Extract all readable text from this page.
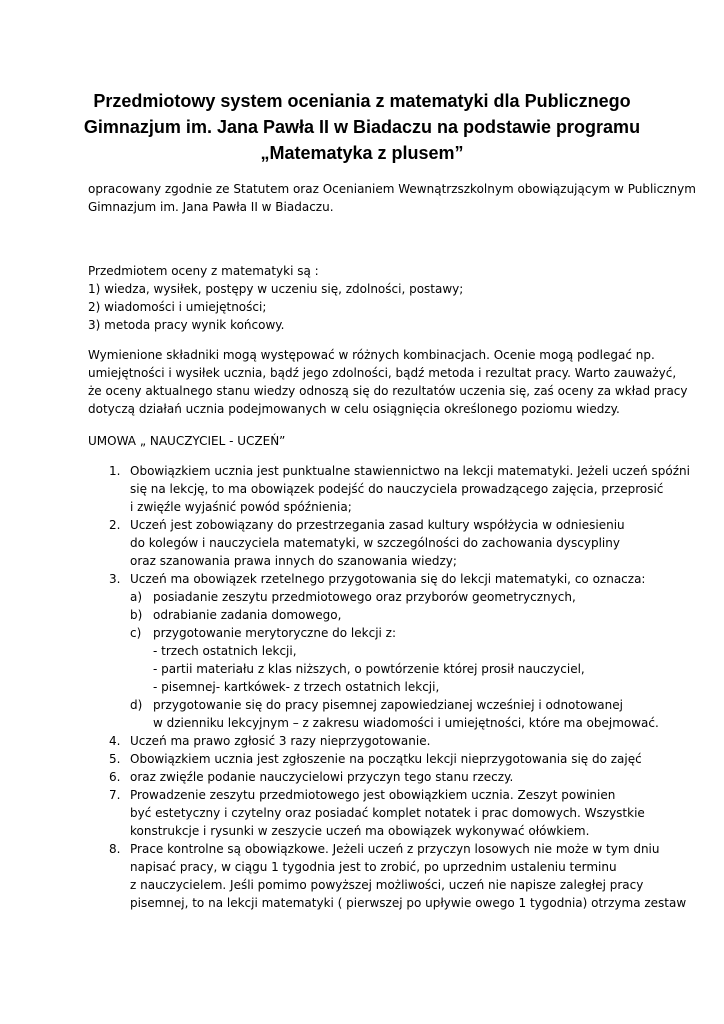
Przedmiotowy system oceniania z matematyki dla Publicznego
Gimnazjum im. Jana Pawła II w Biadaczu na podstawie programu
„Matematyka z plusem”
opracowany zgodnie ze Statutem oraz Ocenianiem Wewnątrzszkolnym obowiązującym w Publicznym
Gimnazjum im. Jana Pawła II w Biadaczu.
Przedmiotem oceny z matematyki są :
1) wiedza, wysiłek, postępy w uczeniu się, zdolności, postawy;
2) wiadomości i umiejętności;
3) metoda pracy wynik końcowy.
Wymienione składniki mogą występować w różnych kombinacjach. Ocenie mogą podlegać np.
umiejętności i wysiłek ucznia, bądź jego zdolności, bądź metoda i rezultat pracy. Warto zauważyć,
że oceny aktualnego stanu wiedzy odnoszą się do rezultatów uczenia się, zaś oceny za wkład pracy
dotyczą działań ucznia podejmowanych w celu osiągnięcia określonego poziomu wiedzy.
UMOWA „ NAUCZYCIEL - UCZEŃ”
1. Obowiązkiem ucznia jest punktualne stawiennictwo na lekcji matematyki. Jeżeli uczeń spóźni
się na lekcję, to ma obowiązek podejść do nauczyciela prowadzącego zajęcia, przeprosić
i zwięźle wyjaśnić powód spóźnienia;
2. Uczeń jest zobowiązany do przestrzegania zasad kultury współżycia w odniesieniu
do kolegów i nauczyciela matematyki, w szczególności do zachowania dyscypliny
oraz szanowania prawa innych do szanowania wiedzy;
3. Uczeń ma obowiązek rzetelnego przygotowania się do lekcji matematyki, co oznacza:
a) posiadanie zeszytu przedmiotowego oraz przyborów geometrycznych,
b) odrabianie zadania domowego,
c) przygotowanie merytoryczne do lekcji z:
- trzech ostatnich lekcji,
- partii materiału z klas niższych, o powtórzenie której prosił nauczyciel,
- pisemnej- kartkówek- z trzech ostatnich lekcji,
d) przygotowanie się do pracy pisemnej zapowiedzianej wcześniej i odnotowanej
w dzienniku lekcyjnym – z zakresu wiadomości i umiejętności, które ma obejmować.
4. Uczeń ma prawo zgłosić 3 razy nieprzygotowanie.
5. Obowiązkiem ucznia jest zgłoszenie na początku lekcji nieprzygotowania się do zajęć
6. oraz zwięźle podanie nauczycielowi przyczyn tego stanu rzeczy.
7. Prowadzenie zeszytu przedmiotowego jest obowiązkiem ucznia. Zeszyt powinien
być estetyczny i czytelny oraz posiadać komplet notatek i prac domowych. Wszystkie
konstrukcje i rysunki w zeszycie uczeń ma obowiązek wykonywać ołówkiem.
8. Prace kontrolne są obowiązkowe. Jeżeli uczeń z przyczyn losowych nie może w tym dniu
napisać pracy, w ciągu 1 tygodnia jest to zrobić, po uprzednim ustaleniu terminu
z nauczycielem. Jeśli pomimo powyższej możliwości, uczeń nie napisze zaległej pracy
pisemnej, to na lekcji matematyki ( pierwszej po upływie owego 1 tygodnia) otrzyma zestaw
